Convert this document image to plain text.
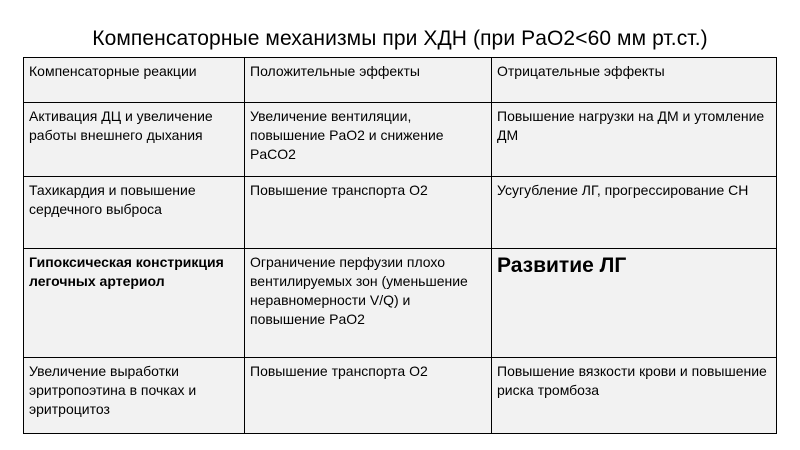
Компенсаторные механизмы при ХДН (при PaO2<60 мм рт.ст.)
Компенсаторные реакции	Положительные эффекты	Отрицательные эффекты
Активация ДЦ и увеличение работы внешнего дыхания	Увеличение вентиляции, повышение PaO2 и снижение PaCO2	Повышение нагрузки на ДМ и утомление ДМ
Тахикардия и повышение сердечного выброса	Повышение транспорта О2	Усугубление ЛГ, прогрессирование СН
Гипоксическая констрикция легочных артериол	Ограничение перфузии плохо вентилируемых зон (уменьшение неравномерности V/Q) и повышение PaO2	Развитие ЛГ
Увеличение выработки эритропоэтина в почках и эритроцитоз	Повышение транспорта О2	Повышение вязкости крови и повышение риска тромбоза
